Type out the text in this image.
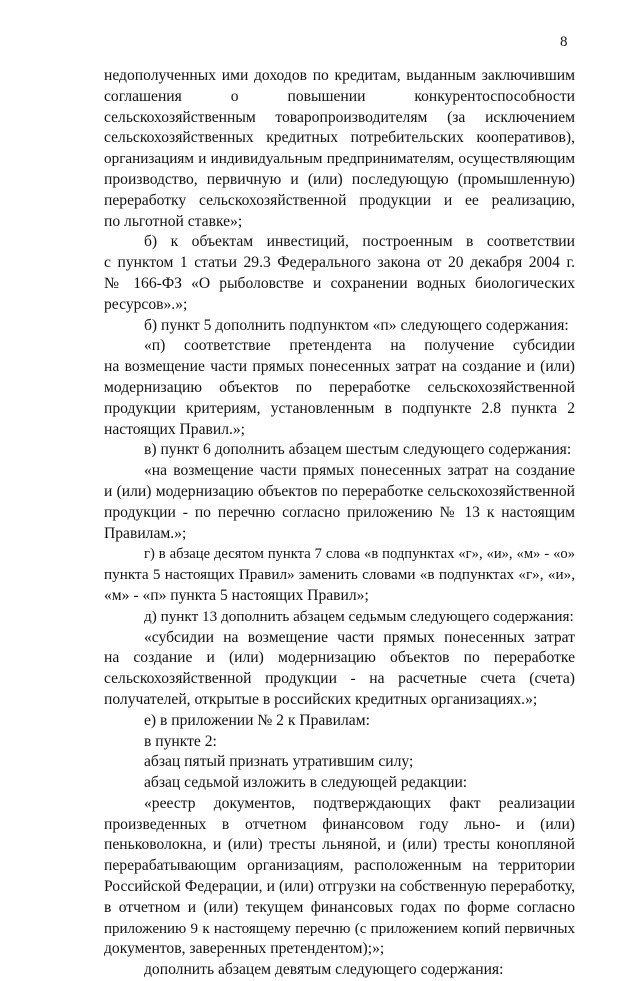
8
недополученных ими доходов по кредитам, выданным заключившим
соглашения о повышении конкурентоспособности
сельскохозяйственным товаропроизводителям (за исключением
сельскохозяйственных кредитных потребительских кооперативов),
организациям и индивидуальным предпринимателям, осуществляющим
производство, первичную и (или) последующую (промышленную)
переработку сельскохозяйственной продукции и ее реализацию,
по льготной ставке»;
б) к объектам инвестиций, построенным в соответствии
с пунктом 1 статьи 29.3 Федерального закона от 20 декабря 2004 г.
№ 166-ФЗ «О рыболовстве и сохранении водных биологических
ресурсов».»;
б) пункт 5 дополнить подпунктом «п» следующего содержания:
«п) соответствие претендента на получение субсидии
на возмещение части прямых понесенных затрат на создание и (или)
модернизацию объектов по переработке сельскохозяйственной
продукции критериям, установленным в подпункте 2.8 пункта 2
настоящих Правил.»;
в) пункт 6 дополнить абзацем шестым следующего содержания:
«на возмещение части прямых понесенных затрат на создание
и (или) модернизацию объектов по переработке сельскохозяйственной
продукции - по перечню согласно приложению № 13 к настоящим
Правилам.»;
г) в абзаце десятом пункта 7 слова «в подпунктах «г», «и», «м» - «о»
пункта 5 настоящих Правил» заменить словами «в подпунктах «г», «и»,
«м» - «п» пункта 5 настоящих Правил»;
д) пункт 13 дополнить абзацем седьмым следующего содержания:
«субсидии на возмещение части прямых понесенных затрат
на создание и (или) модернизацию объектов по переработке
сельскохозяйственной продукции - на расчетные счета (счета)
получателей, открытые в российских кредитных организациях.»;
е) в приложении № 2 к Правилам:
в пункте 2:
абзац пятый признать утратившим силу;
абзац седьмой изложить в следующей редакции:
«реестр документов, подтверждающих факт реализации
произведенных в отчетном финансовом году льно- и (или)
пеньковолокна, и (или) тресты льняной, и (или) тресты конопляной
перерабатывающим организациям, расположенным на территории
Российской Федерации, и (или) отгрузки на собственную переработку,
в отчетном и (или) текущем финансовых годах по форме согласно
приложению 9 к настоящему перечню (с приложением копий первичных
документов, заверенных претендентом);»;
дополнить абзацем девятым следующего содержания:
